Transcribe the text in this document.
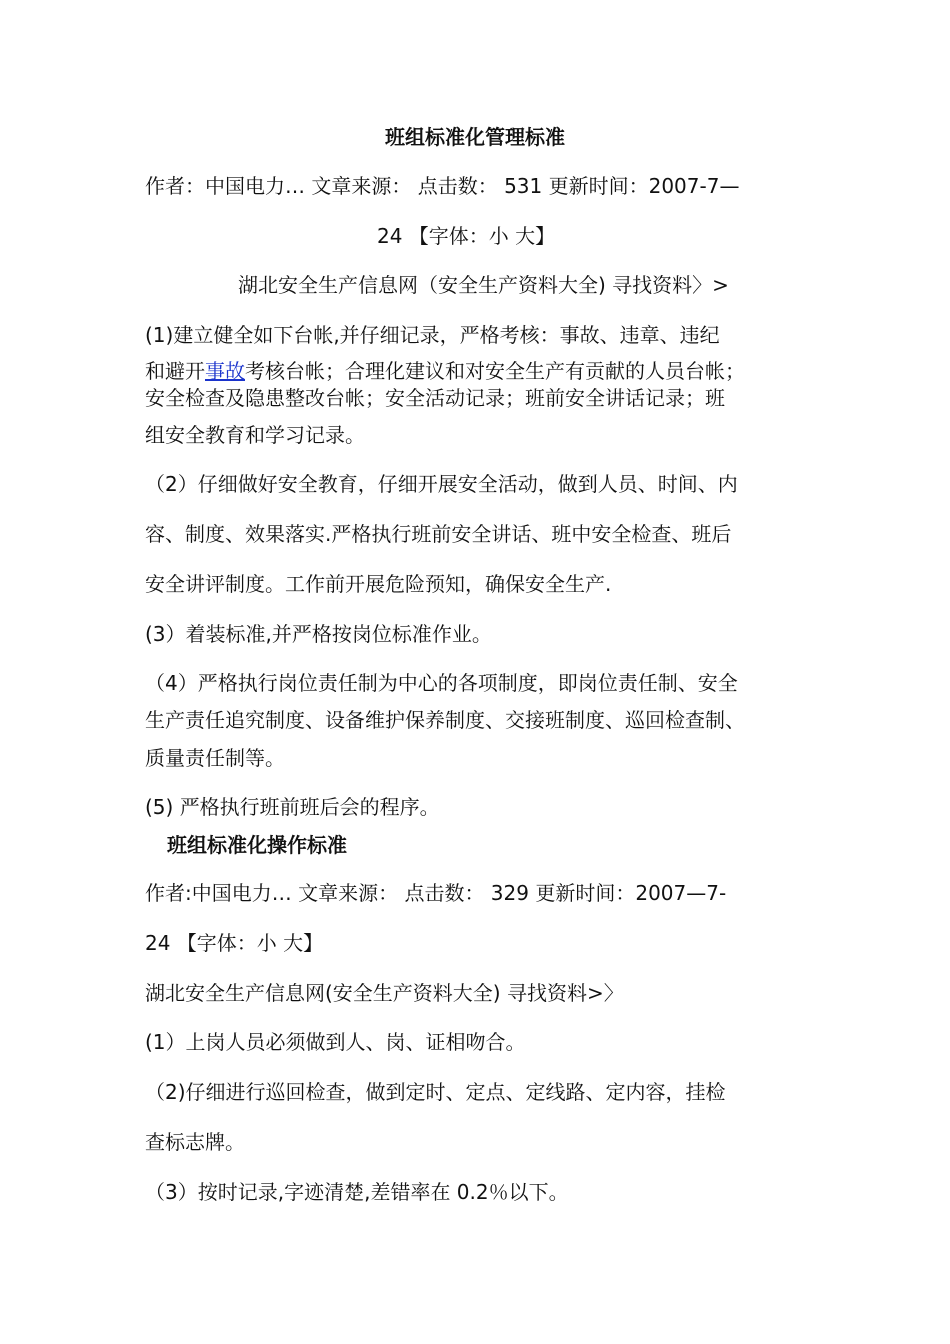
班组标准化管理标准
作者：中国电力… 文章来源： 点击数： 531 更新时间：2007-7—
24 【字体：小 大】
湖北安全生产信息网（安全生产资料大全) 寻找资料〉>
(1)建立健全如下台帐,并仔细记录，严格考核：事故、违章、违纪
和避开事故考核台帐；合理化建议和对安全生产有贡献的人员台帐；
安全检查及隐患整改台帐；安全活动记录；班前安全讲话记录；班
组安全教育和学习记录。
（2）仔细做好安全教育，仔细开展安全活动，做到人员、时间、内
容、制度、效果落实.严格执行班前安全讲话、班中安全检查、班后
安全讲评制度。工作前开展危险预知，确保安全生产.
(3）着装标准,并严格按岗位标准作业。
（4）严格执行岗位责任制为中心的各项制度，即岗位责任制、安全
生产责任追究制度、设备维护保养制度、交接班制度、巡回检查制、
质量责任制等。
(5) 严格执行班前班后会的程序。
班组标准化操作标准
作者:中国电力… 文章来源： 点击数： 329 更新时间：2007—7-
24 【字体：小 大】
湖北安全生产信息网(安全生产资料大全) 寻找资料>〉
(1）上岗人员必须做到人、岗、证相吻合。
（2)仔细进行巡回检查，做到定时、定点、定线路、定内容，挂检
查标志牌。
（3）按时记录,字迹清楚,差错率在 0.2％以下。
